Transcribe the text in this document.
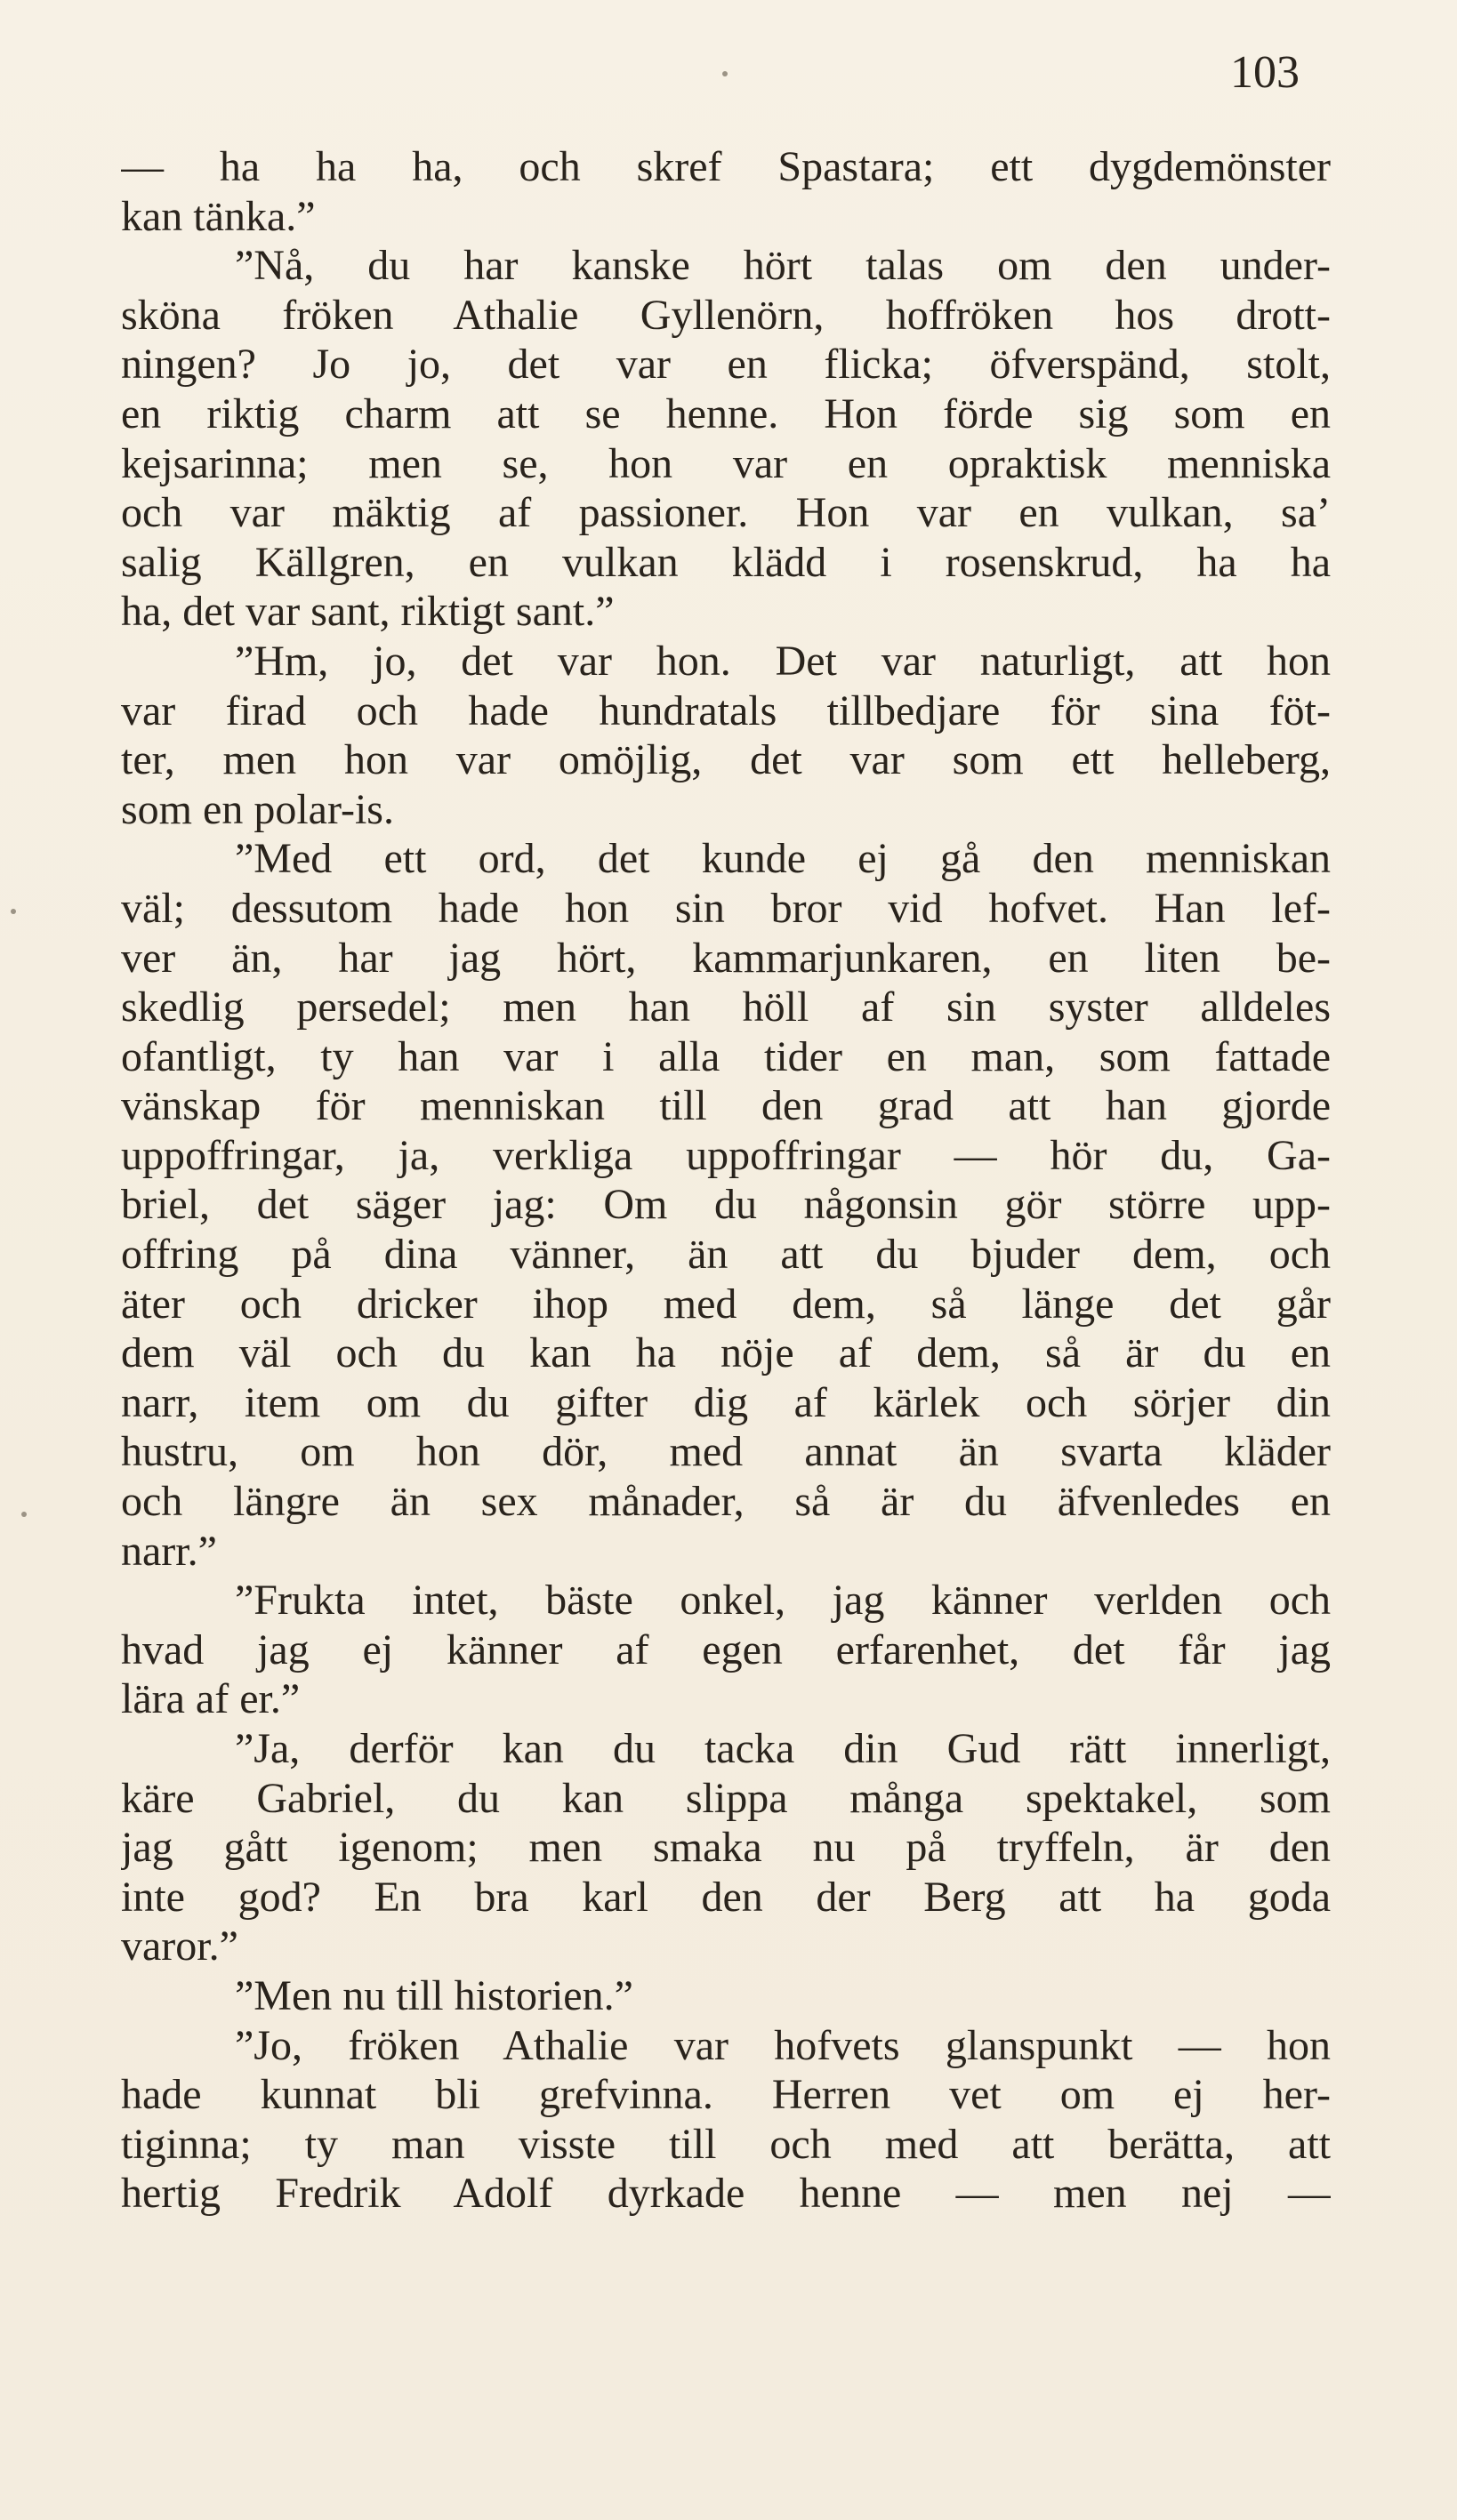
103
— ha ha ha, och skref Spastara; ett dygdemönster
kan tänka.”
”Nå, du har kanske hört talas om den under-
sköna fröken Athalie Gyllenörn, hoffröken hos drott-
ningen? Jo jo, det var en flicka; öfverspänd, stolt,
en riktig charm att se henne. Hon förde sig som en
kejsarinna; men se, hon var en opraktisk menniska
och var mäktig af passioner. Hon var en vulkan, sa’
salig Källgren, en vulkan klädd i rosenskrud, ha ha
ha, det var sant, riktigt sant.”
”Hm, jo, det var hon. Det var naturligt, att hon
var firad och hade hundratals tillbedjare för sina föt-
ter, men hon var omöjlig, det var som ett helleberg,
som en polar-is.
”Med ett ord, det kunde ej gå den menniskan
väl; dessutom hade hon sin bror vid hofvet. Han lef-
ver än, har jag hört, kammarjunkaren, en liten be-
skedlig persedel; men han höll af sin syster alldeles
ofantligt, ty han var i alla tider en man, som fattade
vänskap för menniskan till den grad att han gjorde
uppoffringar, ja, verkliga uppoffringar — hör du, Ga-
briel, det säger jag: Om du någonsin gör större upp-
offring på dina vänner, än att du bjuder dem, och
äter och dricker ihop med dem, så länge det går
dem väl och du kan ha nöje af dem, så är du en
narr, item om du gifter dig af kärlek och sörjer din
hustru, om hon dör, med annat än svarta kläder
och längre än sex månader, så är du äfvenledes en
narr.”
”Frukta intet, bäste onkel, jag känner verlden och
hvad jag ej känner af egen erfarenhet, det får jag
lära af er.”
”Ja, derför kan du tacka din Gud rätt innerligt,
käre Gabriel, du kan slippa många spektakel, som
jag gått igenom; men smaka nu på tryffeln, är den
inte god? En bra karl den der Berg att ha goda
varor.”
”Men nu till historien.”
”Jo, fröken Athalie var hofvets glanspunkt — hon
hade kunnat bli grefvinna. Herren vet om ej her-
tiginna; ty man visste till och med att berätta, att
hertig Fredrik Adolf dyrkade henne — men nej —
